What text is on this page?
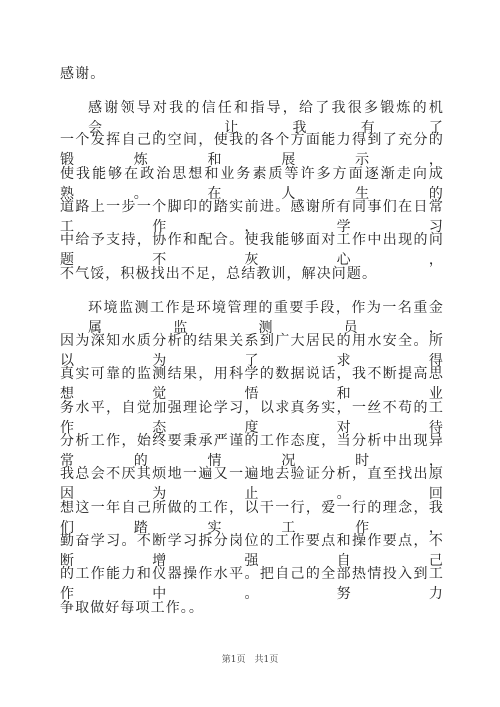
感谢。
感谢领导对我的信任和指导，给了我很多锻炼的机会，让我有了
一个发挥自己的空间，使我的各个方面能力得到了充分的锻炼和展示，
使我能够在政治思想和业务素质等许多方面逐渐走向成熟。在人生的
道路上一步一个脚印的踏实前进。感谢所有同事们在日常工作，学习
中给予支持，协作和配合。使我能够面对工作中出现的问题不灰心，
不气馁，积极找出不足，总结教训，解决问题。
环境监测工作是环境管理的重要手段，作为一名重金属监测员，
因为深知水质分析的结果关系到广大居民的用水安全。所以为了求得
真实可靠的监测结果，用科学的数据说话，我不断提高思想觉悟和业
务水平，自觉加强理论学习，以求真务实，一丝不苟的工作态度对待
分析工作，始终要秉承严谨的工作态度，当分析中出现异常的情况时，
我总会不厌其烦地一遍又一遍地去验证分析，直至找出原因为止。回
想这一年自己所做的工作，以干一行，爱一行的理念，我们踏实工作，
勤奋学习。不断学习拆分岗位的工作要点和操作要点，不断增强自己
的工作能力和仪器操作水平。把自己的全部热情投入到工作中。努力
争取做好每项工作。。
第1页　共1页
